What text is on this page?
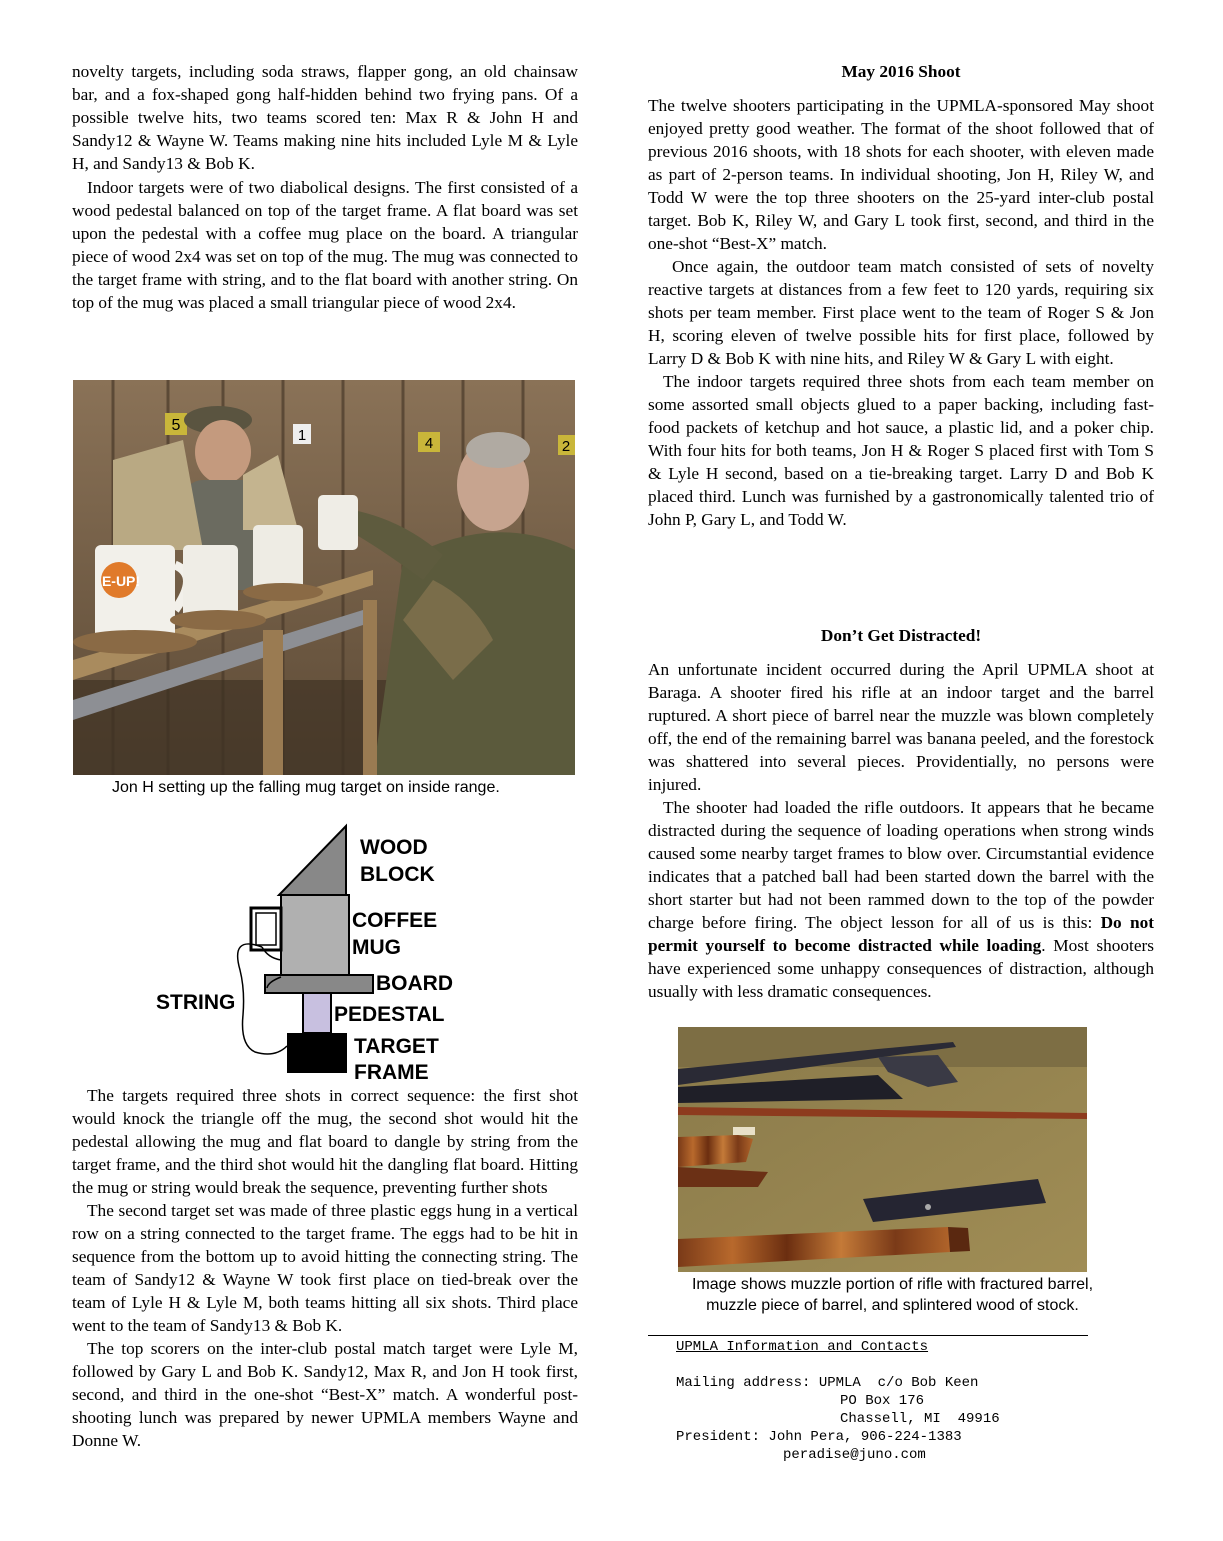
novelty targets, including soda straws, flapper gong, an old chainsaw bar, and a fox-shaped gong half-hidden behind two frying pans. Of a possible twelve hits, two teams scored ten: Max R & John H and Sandy12 & Wayne W. Teams making nine hits included Lyle M & Lyle H, and Sandy13 & Bob K.

Indoor targets were of two diabolical designs. The first consisted of a wood pedestal balanced on top of the target frame. A flat board was set upon the pedestal with a coffee mug place on the board. A triangular piece of wood 2x4 was set on top of the mug. The mug was connected to the target frame with string, and to the flat board with another string. On top of the mug was placed a small triangular piece of wood 2x4.

5
1	4	2
E-UP!
Jon H setting up the falling mug target on inside range.
WOOD
BLOCK
COFFEE
MUG
BOARD
STRING
PEDESTAL
TARGET
FRAME

The targets required three shots in correct sequence: the first shot would knock the triangle off the mug, the second shot would hit the pedestal allowing the mug and flat board to dangle by string from the target frame, and the third shot would hit the dangling flat board. Hitting the mug or string would break the sequence, preventing further shots

The second target set was made of three plastic eggs hung in a vertical row on a string connected to the target frame. The eggs had to be hit in sequence from the bottom up to avoid hitting the connecting string. The team of Sandy12 & Wayne W took first place on tied-break over the team of Lyle H & Lyle M, both teams hitting all six shots. Third place went to the team of Sandy13 & Bob K.

The top scorers on the inter-club postal match target were Lyle M, followed by Gary L and Bob K. Sandy12, Max R, and Jon H took first, second, and third in the one-shot “Best-X” match. A wonderful post-shooting lunch was prepared by newer UPMLA members Wayne and Donne W.

May 2016 Shoot

The twelve shooters participating in the UPMLA-sponsored May shoot enjoyed pretty good weather. The format of the shoot followed that of previous 2016 shoots, with 18 shots for each shooter, with eleven made as part of 2-person teams. In individual shooting, Jon H, Riley W, and Todd W were the top three shooters on the 25-yard inter-club postal target. Bob K, Riley W, and Gary L took first, second, and third in the one-shot “Best-X” match.

Once again, the outdoor team match consisted of sets of novelty reactive targets at distances from a few feet to 120 yards, requiring six shots per team member. First place went to the team of Roger S & Jon H, scoring eleven of twelve possible hits for first place, followed by Larry D & Bob K with nine hits, and Riley W & Gary L with eight.

The indoor targets required three shots from each team member on some assorted small objects glued to a paper backing, including fast-food packets of ketchup and hot sauce, a plastic lid, and a poker chip. With four hits for both teams, Jon H & Roger S placed first with Tom S & Lyle H second, based on a tie-breaking target. Larry D and Bob K placed third. Lunch was furnished by a gastronomically talented trio of John P, Gary L, and Todd W.

Don’t Get Distracted!

An unfortunate incident occurred during the April UPMLA shoot at Baraga. A shooter fired his rifle at an indoor target and the barrel ruptured. A short piece of barrel near the muzzle was blown completely off, the end of the remaining barrel was banana peeled, and the forestock was shattered into several pieces. Providentially, no persons were injured.

The shooter had loaded the rifle outdoors. It appears that he became distracted during the sequence of loading operations when strong winds caused some nearby target frames to blow over. Circumstantial evidence indicates that a patched ball had been started down the barrel with the short starter but had not been rammed down to the top of the powder charge before firing. The object lesson for all of us is this: Do not permit yourself to become distracted while loading. Most shooters have experienced some unhappy consequences of distraction, although usually with less dramatic consequences.

Image shows muzzle portion of rifle with fractured barrel,
muzzle piece of barrel, and splintered wood of stock.
UPMLA Information and Contacts

Mailing address: UPMLA  c/o Bob Keen
PO Box 176
Chassell, MI  49916
President: John Pera, 906-224-1383
peradise@juno.com
